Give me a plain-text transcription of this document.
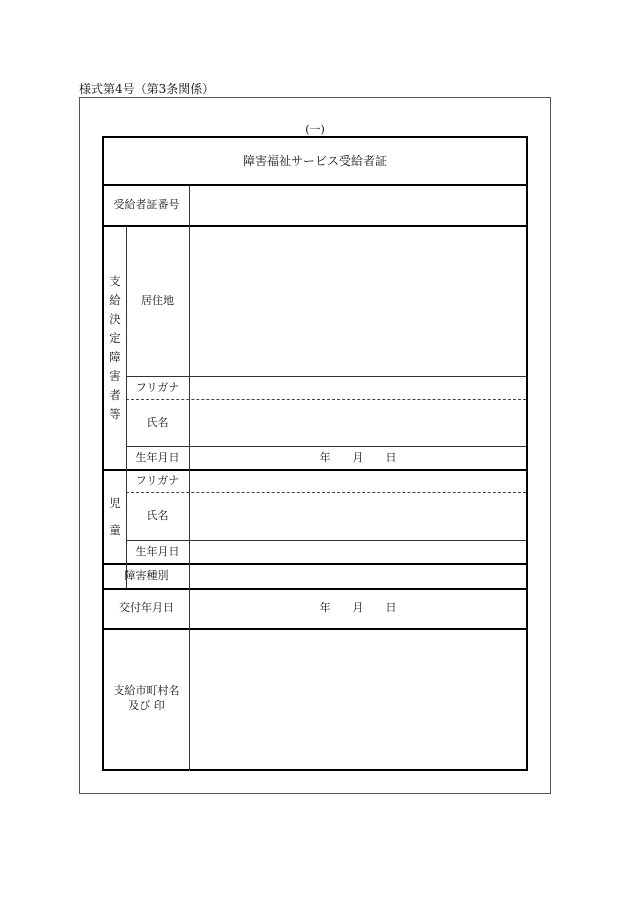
様式第4号（第3条関係）
(一)
障害福祉サービス受給者証
受給者証番号
支
給
決
定
障
害
者
等
居住地
フリガナ
氏名
生年月日	年 月 日
児
童
フリガナ
氏名
生年月日
障害種別
交付年月日	年 月 日
支給市町村名
及び 印
